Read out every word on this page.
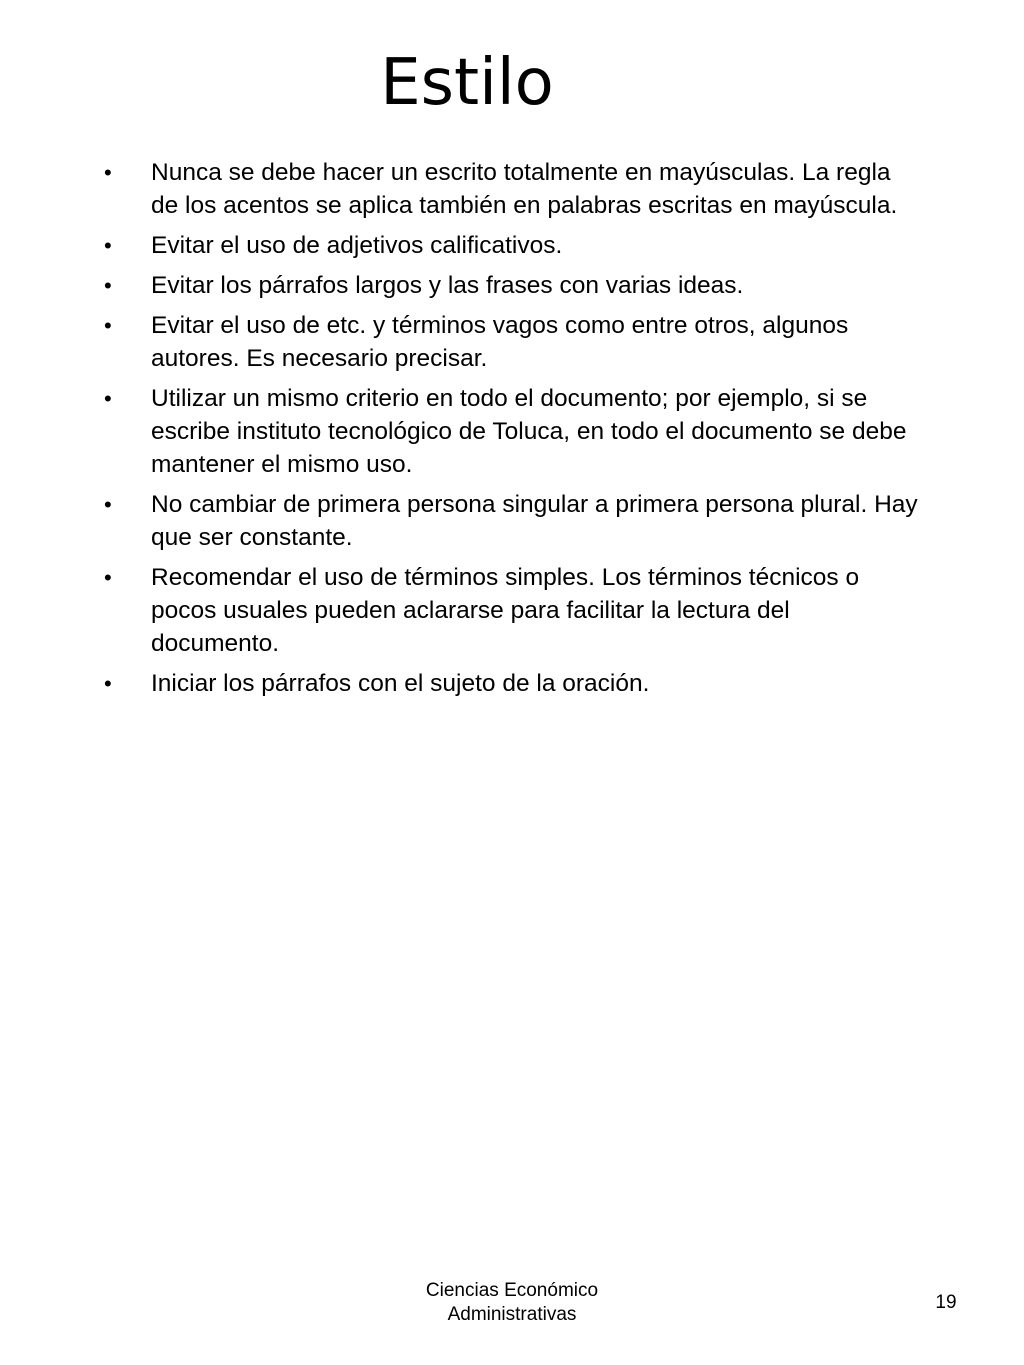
Estilo
•	Nunca se debe hacer un escrito totalmente en mayúsculas. La regla de los acentos se aplica también en palabras escritas en mayúscula.
•	Evitar el uso de adjetivos calificativos.
•	Evitar los párrafos largos y las frases con varias ideas.
•	Evitar el uso de etc. y términos vagos como entre otros, algunos autores. Es necesario precisar.
•	Utilizar un mismo criterio en todo el documento; por ejemplo, si se escribe instituto tecnológico de Toluca, en todo el documento se debe mantener el mismo uso.
•	No cambiar de primera persona singular a primera persona plural. Hay que ser constante.
•	Recomendar el uso de términos simples. Los términos técnicos o pocos usuales pueden aclararse para facilitar la lectura del documento.
•	Iniciar los párrafos con el sujeto de la oración.
Ciencias Económico
Administrativas
19
